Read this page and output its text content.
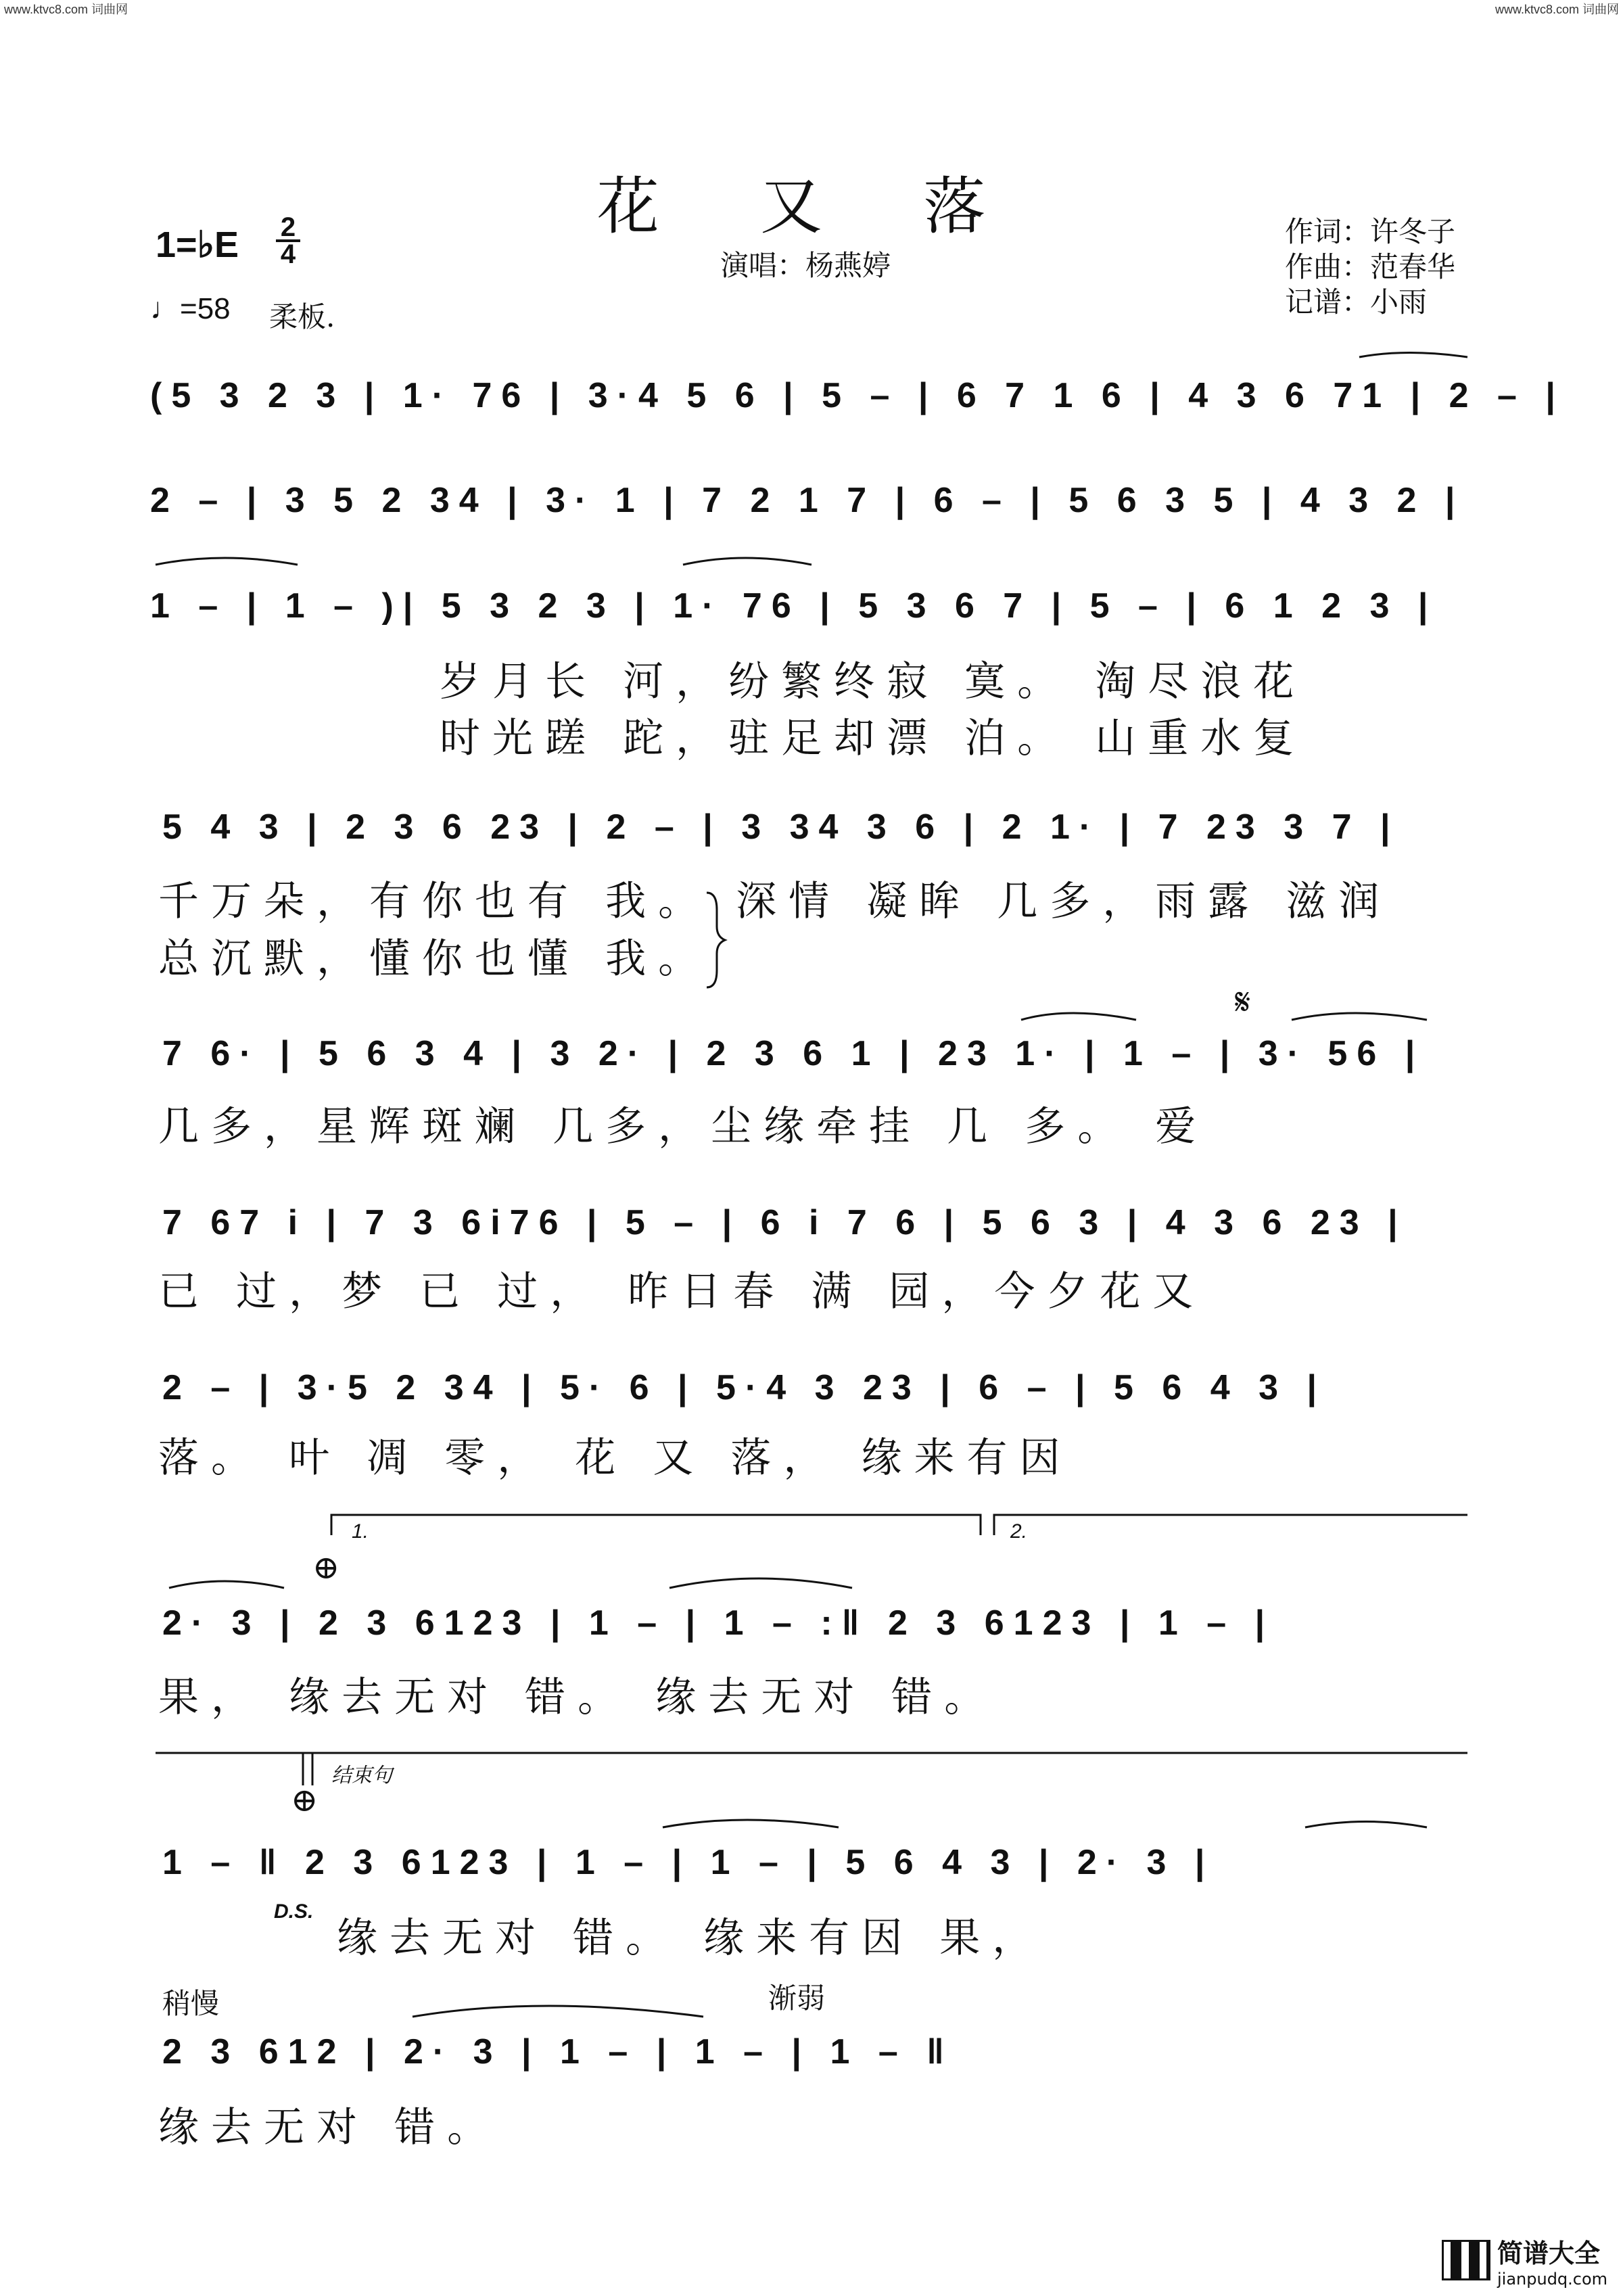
www.ktvc8.com 词曲网	www.ktvc8.com 词曲网
花 又 落
演唱：杨燕婷
作词：许冬子
作曲：范春华
记谱：小雨
1=♭E 2
4
♩=58 柔板.
(5 3 2 3 | 1· 76 | 3·4 5 6 | 5 – | 6 7 1 6 | 4 3 6 71 | 2 – |
2 – | 3 5 2 34 | 3· 1 | 7 2 1 7 | 6 – | 5 6 3 5 | 4 3 2 |
1 – | 1 – )| 5 3 2 3 | 1· 76 | 5 3 6 7 | 5 – | 6 1 2 3 |
岁月长 河，纷繁终寂 寞。 淘尽浪花
时光蹉 跎，驻足却漂 泊。 山重水复
5 4 3 | 2 3 6 23 | 2 – | 3 34 3 6 | 2 1· | 7 23 3 7 |
千万朵，有你也有 我。 深情 凝眸 几多，雨露 滋润
总沉默，懂你也懂 我。
𝄋
7 6· | 5 6 3 4 | 3 2· | 2 3 6 1 | 23 1· | 1 – | 3· 56 |
几多，星辉斑斓 几多，尘缘牵挂 几 多。 爱
7 67 i | 7 3 6i76 | 5 – | 6 i 7 6 | 5 6 3 | 4 3 6 23 |
已 过，梦 已 过， 昨日春 满 园，今夕花又
2 – | 3·5 2 34 | 5· 6 | 5·4 3 23 | 6 – | 5 6 4 3 |
落。 叶 凋 零， 花 又 落， 缘来有因
⊕
1.	2.
2· 3 | 2 3 6123 | 1 – | 1 – :‖ 2 3 6123 | 1 – |
果， 缘去无对 错。 缘去无对 错。
结束句
⊕
1 – ‖ 2 3 6123 | 1 – | 1 – | 5 6 4 3 | 2· 3 |
D.S.
缘去无对 错。 缘来有因 果，
稍慢	渐弱
2 3 612 | 2· 3 | 1 – | 1 – | 1 – ‖
缘去无对 错。
简谱大全
jianpudq.com
